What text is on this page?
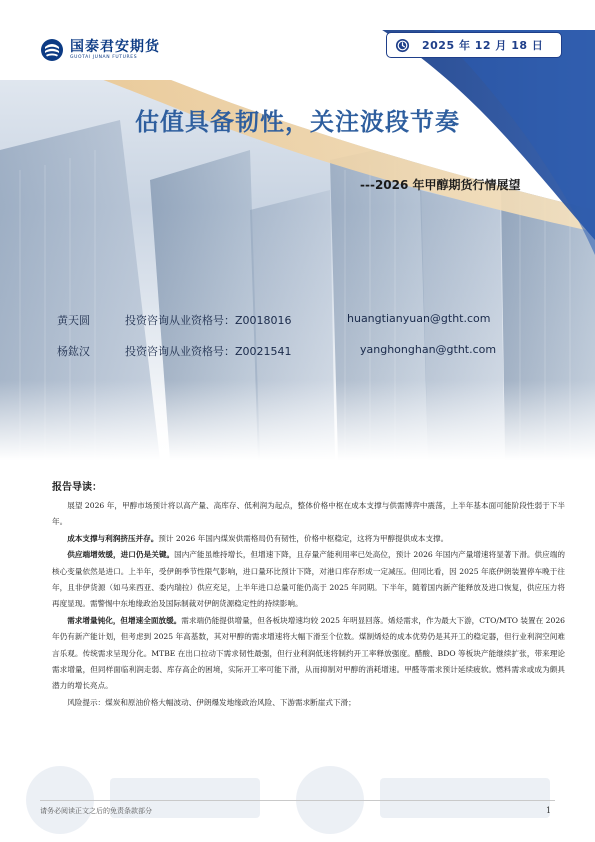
国泰君安期货
GUOTAI JUNAN FUTURES
2025 年 12 月 18 日
估值具备韧性，关注波段节奏
---2026 年甲醇期货行情展望
黄天圆	投资咨询从业资格号：Z0018016	huangtianyuan@gtht.com
杨鈜汉	投资咨询从业资格号：Z0021541	yanghonghan@gtht.com

报告导读：

展望 2026 年，甲醇市场预计将以高产量、高库存、低利润为起点，整体价格中枢在成本支撑与供需博弈中震荡，上半年基本面可能阶段性弱于下半年。

成本支撑与利润挤压并存。预计 2026 年国内煤炭供需格局仍有韧性，价格中枢稳定，这将为甲醇提供成本支撑。

供应端增效缓，进口仍是关键。国内产能虽维持增长，但增速下降，且存量产能利用率已处高位，预计 2026 年国内产量增速将显著下滑。供应端的核心变量依然是进口。上半年，受伊朗季节性限气影响，进口量环比预计下降，对港口库存形成一定减压。但同比看，因 2025 年底伊朗装置停车晚于往年，且非伊货源（如马来西亚、委内瑞拉）供应充足，上半年进口总量可能仍高于 2025 年同期。下半年，随着国内新产能释放及进口恢复，供应压力将再度显现。需警惕中东地缘政治及国际制裁对伊朗货源稳定性的持续影响。

需求增量钝化，但增速全面放缓。需求端仍能提供增量，但各板块增速均较 2025 年明显回落。烯烃需求，作为最大下游，CTO/MTO 装置在 2026 年仍有新产能计划，但考虑到 2025 年高基数，其对甲醇的需求增速将大幅下滑至个位数。煤制烯烃的成本优势仍是其开工的稳定器，但行业利润空间难言乐观。传统需求呈现分化。MTBE 在出口拉动下需求韧性最强，但行业利润低迷将制约开工率释放强度。醋酸、BDO 等板块产能继续扩张，带来理论需求增量，但同样面临利润走弱、库存高企的困境，实际开工率可能下滑，从而抑制对甲醇的消耗增速。甲醛等需求预计延续疲软。燃料需求或成为颇具潜力的增长亮点。

风险提示：煤炭和原油价格大幅波动、伊朗爆发地缘政治风险、下游需求断崖式下滑；

请务必阅读正文之后的免责条款部分	1
